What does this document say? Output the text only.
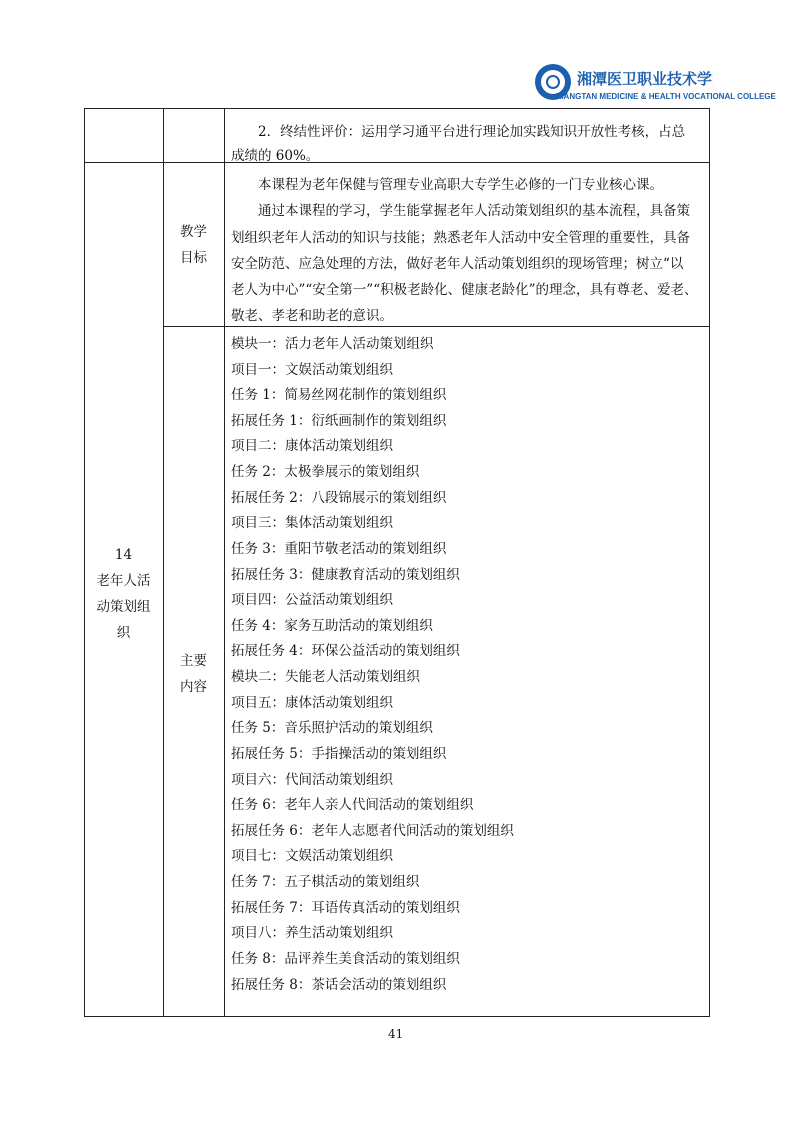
湘潭医卫职业技术学院
XIANGTAN MEDICINE & HEALTH VOCATIONAL COLLEGE
2．终结性评价：运用学习通平台进行理论加实践知识开放性考核，占总
成绩的 60%。
14
老年人活
动策划组
织
教学
目标
本课程为老年保健与管理专业高职大专学生必修的一门专业核心课。
通过本课程的学习，学生能掌握老年人活动策划组织的基本流程，具备策
划组织老年人活动的知识与技能；熟悉老年人活动中安全管理的重要性，具备
安全防范、应急处理的方法，做好老年人活动策划组织的现场管理；树立“以
老人为中心”“安全第一”“积极老龄化、健康老龄化”的理念，具有尊老、爱老、
敬老、孝老和助老的意识。
主要
内容
模块一：活力老年人活动策划组织
项目一：文娱活动策划组织
任务 1：简易丝网花制作的策划组织
拓展任务 1：衍纸画制作的策划组织
项目二：康体活动策划组织
任务 2：太极拳展示的策划组织
拓展任务 2：八段锦展示的策划组织
项目三：集体活动策划组织
任务 3：重阳节敬老活动的策划组织
拓展任务 3：健康教育活动的策划组织
项目四：公益活动策划组织
任务 4：家务互助活动的策划组织
拓展任务 4：环保公益活动的策划组织
模块二：失能老人活动策划组织
项目五：康体活动策划组织
任务 5：音乐照护活动的策划组织
拓展任务 5：手指操活动的策划组织
项目六：代间活动策划组织
任务 6：老年人亲人代间活动的策划组织
拓展任务 6：老年人志愿者代间活动的策划组织
项目七：文娱活动策划组织
任务 7：五子棋活动的策划组织
拓展任务 7：耳语传真活动的策划组织
项目八：养生活动策划组织
任务 8：品评养生美食活动的策划组织
拓展任务 8：茶话会活动的策划组织
41
